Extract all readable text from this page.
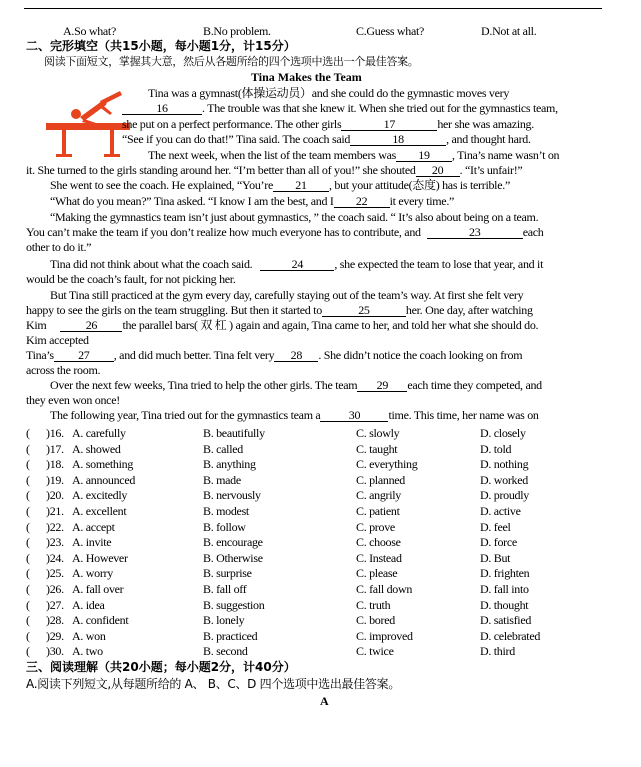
A.So what?	B.No problem.	C.Guess what?	D.Not at all.
二、完形填空（共15小题，每小题1分，计15分）
阅读下面短文，掌握其大意，然后从各题所给的四个选项中选出一个最佳答案。
Tina Makes the Team
Tina was a gymnast(体操运动员）and she could do the gymnastic moves very
16	. The trouble was that she knew it. When she tried out for the gymnastics team,
she put on a perfect performance. The other girls	17	her she was amazing.
“See if you can do that!” Tina said. The coach said	18	, and thought hard.
The next week, when the list of the team members was 19 , Tina’s name wasn’t on
it. She turned to the girls standing around her. “I’m better than all of you!” she shouted 20 . “It’s unfair!”
She went to see the coach. He explained, “You’re 21 , but your attitude(态度) has is terrible.”
“What do you mean?” Tina asked. “I know I am the best, and I 22 it every time.”
“Making the gymnastics team isn’t just about gymnastics, ” the coach said. “ It’s also about being on a team.
You can’t make the team if you don’t realize how much everyone has to contribute, and	23	each
other to do it.”
Tina did not think about what the coach said.	24	, she expected the team to lose that year, and it
would be the coach’s fault, for not picking her.
But Tina still practiced at the gym every day, carefully staying out of the team’s way. At first she felt very
happy to see the girls on the team struggling. But then it started to	25	her. One day, after watching
Kim	26 the parallel bars( 双 杠 ) again and again, Tina came to her, and told her what she should do.
Kim accepted
Tina’s 27 , and did much better. Tina felt very 28 . She didn’t notice the coach looking on from
across the room.
Over the next few weeks, Tina tried to help the other girls. The team 29 each time they competed, and
they even won once!
The following year, Tina tried out for the gymnastics team a 30 time. This time, her name was on
( )16. A. carefully	B. beautifully	C. slowly	D. closely
( )17. A. showed	B. called	C. taught	D. told
( )18. A. something	B. anything	C. everything	D. nothing
( )19. A. announced	B. made	C. planned	D. worked
( )20. A. excitedly	B. nervously	C. angrily	D. proudly
( )21. A. excellent	B. modest	C. patient	D. active
( )22. A. accept	B. follow	C. prove	D. feel
( )23. A. invite	B. encourage	C. choose	D. force
( )24. A. However	B. Otherwise	C. Instead	D. But
( )25. A. worry	B. surprise	C. please	D. frighten
( )26. A. fall over	B. fall off	C. fall down	D. fall into
( )27. A. idea	B. suggestion	C. truth	D. thought
( )28. A. confident	B. lonely	C. bored	D. satisfied
( )29. A. won	B. practiced	C. improved	D. celebrated
( )30. A. two	B. second	C. twice	D. third
三、阅读理解（共20小题；每小题2分，计40分）
A.阅读下列短文,从每题所给的 A、 B、C、D 四个选项中选出最佳答案。
A
